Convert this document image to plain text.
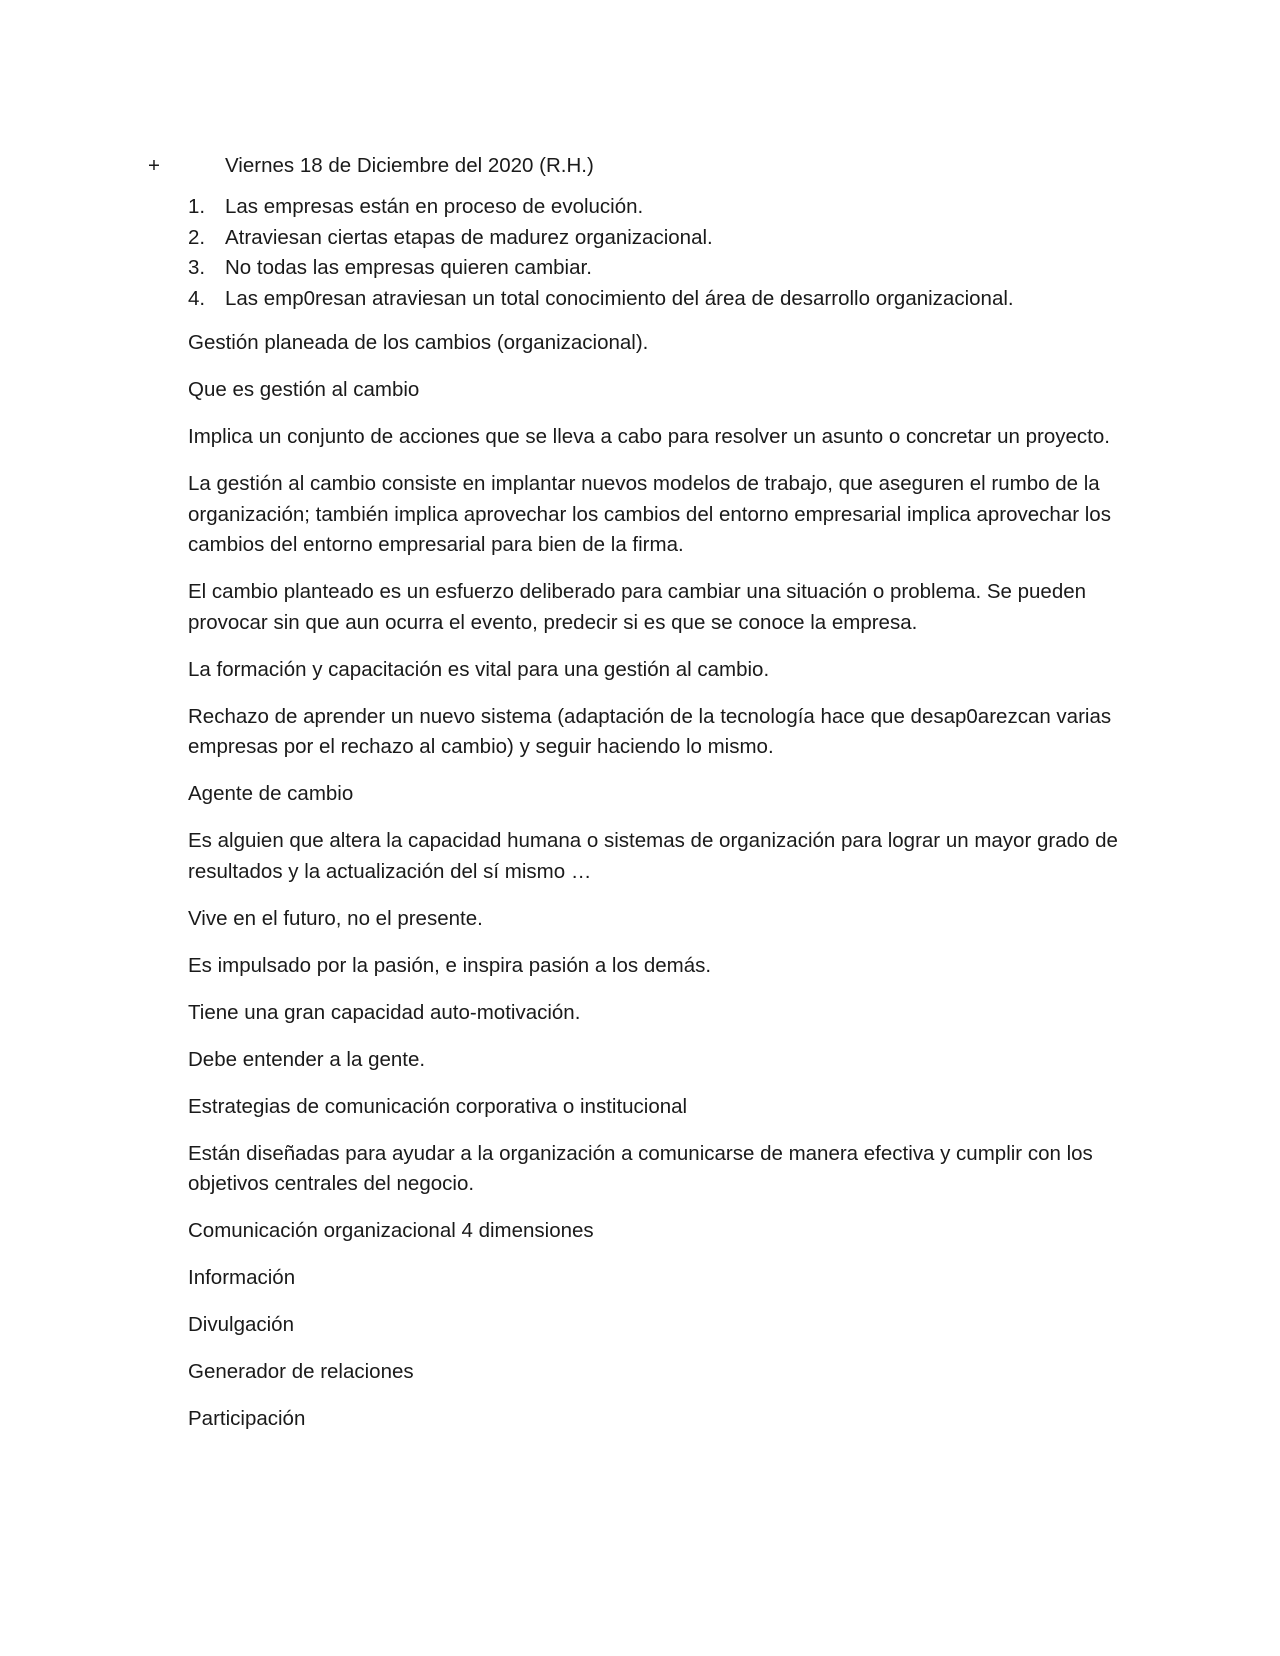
+	Viernes 18 de Diciembre del 2020 (R.H.)
1. Las empresas están en proceso de evolución.
2. Atraviesan ciertas etapas de madurez organizacional.
3. No todas las empresas quieren cambiar.
4. Las emp0resan atraviesan un total conocimiento del área de desarrollo organizacional.

Gestión planeada de los cambios (organizacional).

Que es gestión al cambio

Implica un conjunto de acciones que se lleva a cabo para resolver un asunto o concretar un proyecto.

La gestión al cambio consiste en implantar nuevos modelos de trabajo, que aseguren el rumbo de la organización; también implica aprovechar los cambios del entorno empresarial implica aprovechar los cambios del entorno empresarial para bien de la firma.

El cambio planteado es un esfuerzo deliberado para cambiar una situación o problema. Se pueden provocar sin que aun ocurra el evento, predecir si es que se conoce la empresa.

La formación y capacitación es vital para una gestión al cambio.

Rechazo de aprender un nuevo sistema (adaptación de la tecnología hace que desap0arezcan varias empresas por el rechazo al cambio) y seguir haciendo lo mismo.

Agente de cambio

Es alguien que altera la capacidad humana o sistemas de organización para lograr un mayor grado de resultados y la actualización del sí mismo …

Vive en el futuro, no el presente.

Es impulsado por la pasión, e inspira pasión a los demás.

Tiene una gran capacidad auto-motivación.

Debe entender a la gente.

Estrategias de comunicación corporativa o institucional

Están diseñadas para ayudar a la organización a comunicarse de manera efectiva y cumplir con los objetivos centrales del negocio.

Comunicación organizacional 4 dimensiones

Información

Divulgación

Generador de relaciones

Participación
